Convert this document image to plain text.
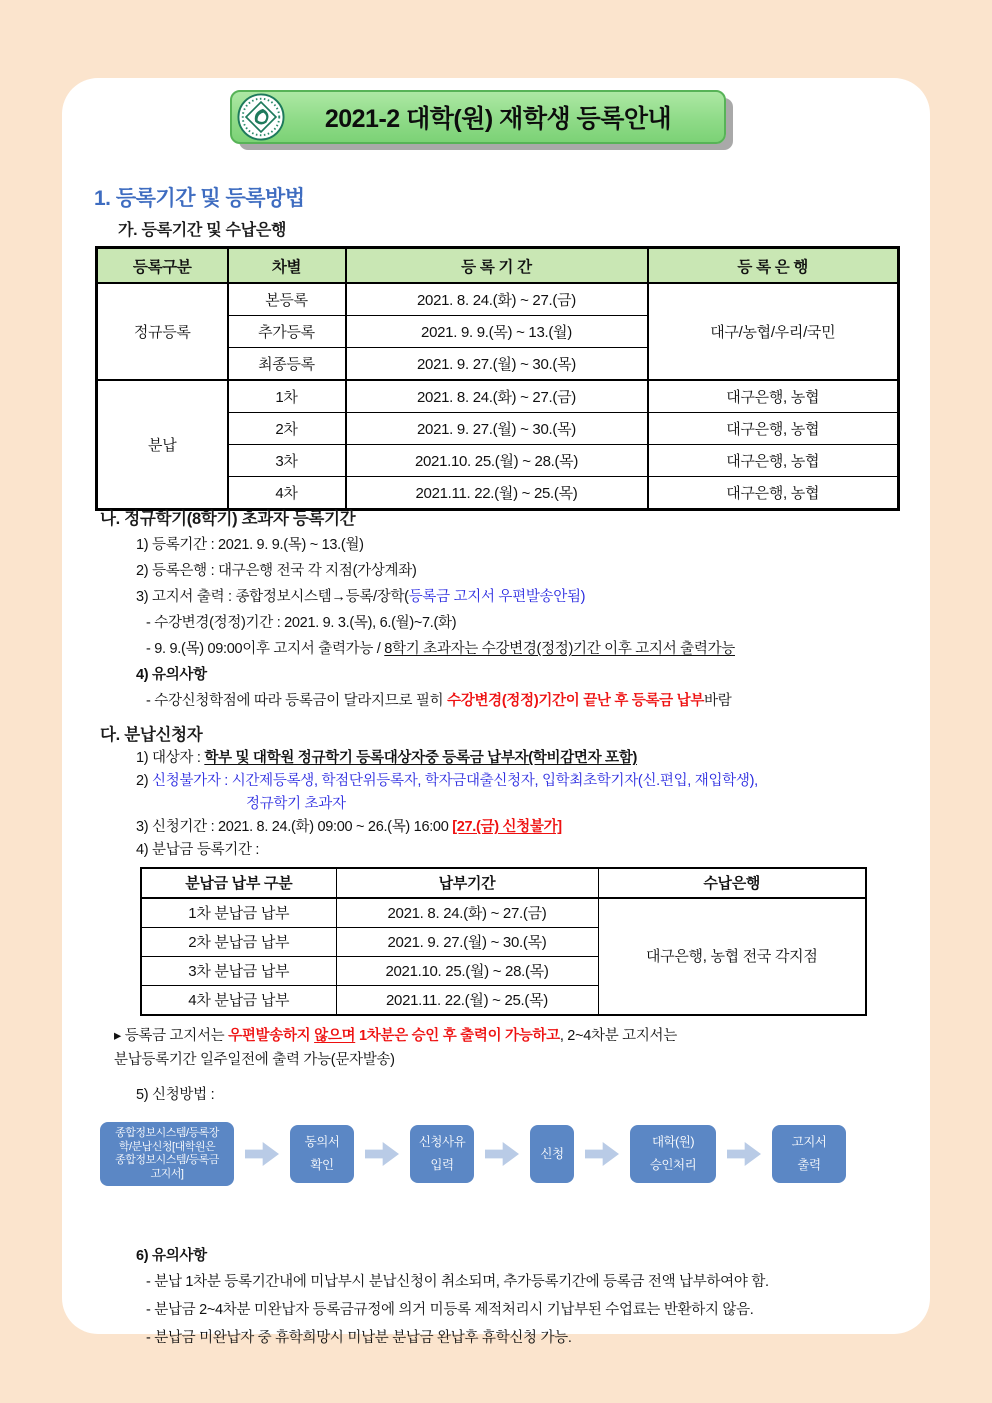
2021-2 대학(원) 재학생 등록안내
1. 등록기간 및 등록방법
가. 등록기간 및 수납은행
등록구분	차별	등 록 기 간	등 록 은 행
정규등록	본등록	2021. 8. 24.(화) ~ 27.(금)	대구/농협/우리/국민
	추가등록	2021. 9. 9.(목) ~ 13.(월)	
	최종등록	2021. 9. 27.(월) ~ 30.(목)	
분납	1차	2021. 8. 24.(화) ~ 27.(금)	대구은행, 농협
	2차	2021. 9. 27.(월) ~ 30.(목)	대구은행, 농협
	3차	2021.10. 25.(월) ~ 28.(목)	대구은행, 농협
	4차	2021.11. 22.(월) ~ 25.(목)	대구은행, 농협
나. 정규학기(8학기) 초과자 등록기간
1) 등록기간 : 2021. 9. 9.(목) ~ 13.(월)
2) 등록은행 : 대구은행 전국 각 지점(가상계좌)
3) 고지서 출력 : 종합정보시스템→등록/장학(등록금 고지서 우편발송안됨)
- 수강변경(정정)기간 : 2021. 9. 3.(목), 6.(월)~7.(화)
- 9. 9.(목) 09:00이후 고지서 출력가능 / 8학기 초과자는 수강변경(정정)기간 이후 고지서 출력가능
4) 유의사항
- 수강신청학점에 따라 등록금이 달라지므로 필히 수강변경(정정)기간이 끝난 후 등록금 납부바람
다. 분납신청자
1) 대상자 : 학부 및 대학원 정규학기 등록대상자중 등록금 납부자(학비감면자 포함)
2) 신청불가자 : 시간제등록생, 학점단위등록자, 학자금대출신청자, 입학최초학기자(신.편입, 재입학생),
정규학기 초과자
3) 신청기간 : 2021. 8. 24.(화) 09:00 ~ 26.(목) 16:00 [27.(금) 신청불가]
4) 분납금 등록기간 :
분납금 납부 구분	납부기간	수납은행
1차 분납금 납부	2021. 8. 24.(화) ~ 27.(금)	대구은행, 농협 전국 각지점
2차 분납금 납부	2021. 9. 27.(월) ~ 30.(목)	
3차 분납금 납부	2021.10. 25.(월) ~ 28.(목)	
4차 분납금 납부	2021.11. 22.(월) ~ 25.(목)	
▸ 등록금 고지서는 우편발송하지 않으며 1차분은 승인 후 출력이 가능하고, 2~4차분 고지서는
분납등록기간 일주일전에 출력 가능(문자발송)
5) 신청방법 :
종합정보시스템/등록장
학/분납신청[대학원은
종합정보시스템/등록금
고지서]
동의서
확인
신청사유
입력
신청
대학(원)
승인처리
고지서
출력
6) 유의사항
- 분납 1차분 등록기간내에 미납부시 분납신청이 취소되며, 추가등록기간에 등록금 전액 납부하여야 함.
- 분납금 2~4차분 미완납자 등록금규정에 의거 미등록 제적처리시 기납부된 수업료는 반환하지 않음.
- 분납금 미완납자 중 휴학희망시 미납분 분납금 완납후 휴학신청 가능.
